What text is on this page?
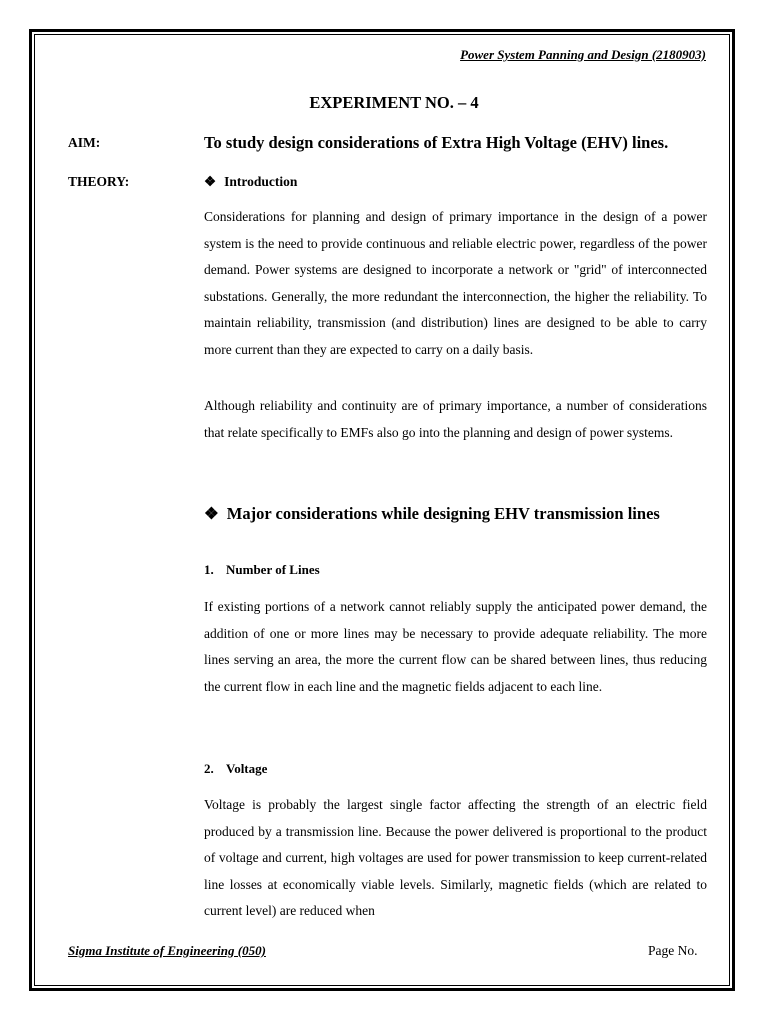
Power System Panning and Design (2180903)
EXPERIMENT NO. – 4
AIM:	To study design considerations of Extra High Voltage (EHV) lines.
THEORY:	❖ Introduction
Considerations for planning and design of primary importance in the design of a power system is the need to provide continuous and reliable electric power, regardless of the power demand. Power systems are designed to incorporate a network or "grid" of interconnected substations. Generally, the more redundant the interconnection, the higher the reliability. To maintain reliability, transmission (and distribution) lines are designed to be able to carry more current than they are expected to carry on a daily basis.
Although reliability and continuity are of primary importance, a number of considerations that relate specifically to EMFs also go into the planning and design of power systems.
❖ Major considerations while designing EHV transmission lines
1. Number of Lines
If existing portions of a network cannot reliably supply the anticipated power demand, the addition of one or more lines may be necessary to provide adequate reliability. The more lines serving an area, the more the current flow can be shared between lines, thus reducing the current flow in each line and the magnetic fields adjacent to each line.
2. Voltage
Voltage is probably the largest single factor affecting the strength of an electric field produced by a transmission line. Because the power delivered is proportional to the product of voltage and current, high voltages are used for power transmission to keep current-related line losses at economically viable levels. Similarly, magnetic fields (which are related to current level) are reduced when
Sigma Institute of Engineering (050)	Page No.
